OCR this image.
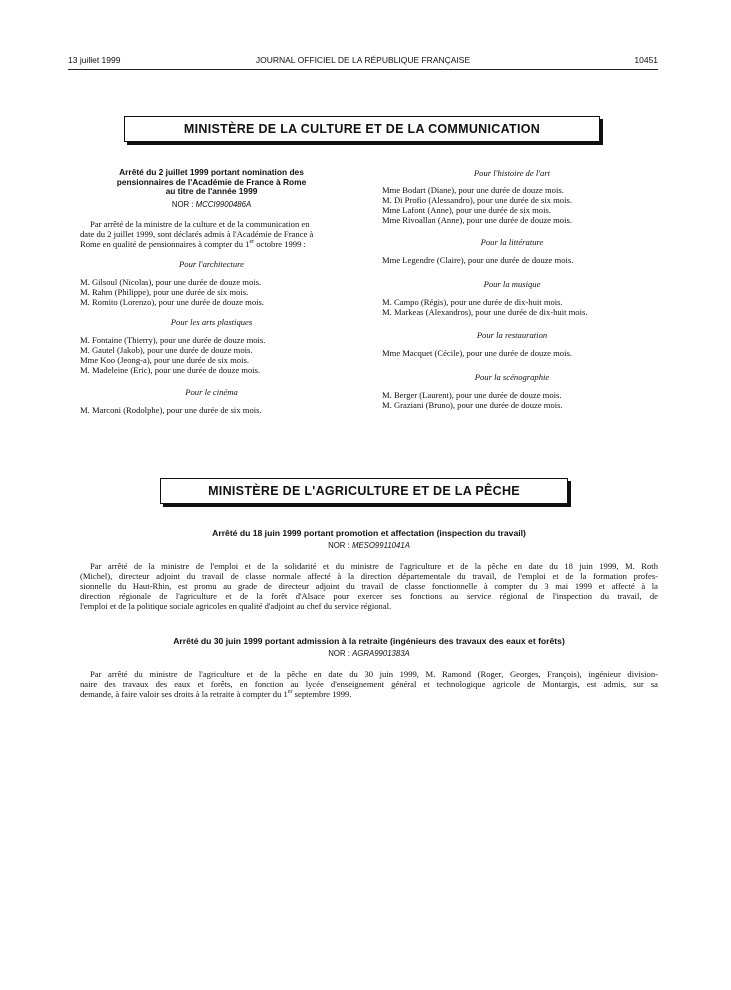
13 juillet 1999	JOURNAL OFFICIEL DE LA RÉPUBLIQUE FRANÇAISE	10451
MINISTÈRE DE LA CULTURE ET DE LA COMMUNICATION
Arrêté du 2 juillet 1999 portant nomination des
pensionnaires de l'Académie de France à Rome
au titre de l'année 1999
NOR : MCCI9900486A
Par arrêté de la ministre de la culture et de la communication en
date du 2 juillet 1999, sont déclarés admis à l'Académie de France à
Rome en qualité de pensionnaires à compter du 1er octobre 1999 :
Pour l'architecture
M. Gilsoul (Nicolas), pour une durée de douze mois.
M. Rahm (Philippe), pour une durée de six mois.
M. Romito (Lorenzo), pour une durée de douze mois.
Pour les arts plastiques
M. Fontaine (Thierry), pour une durée de douze mois.
M. Gautel (Jakob), pour une durée de douze mois.
Mme Koo (Jeong-a), pour une durée de six mois.
M. Madeleine (Eric), pour une durée de douze mois.
Pour le cinéma
M. Marconi (Rodolphe), pour une durée de six mois.
Pour l'histoire de l'art
Mme Bodart (Diane), pour une durée de douze mois.
M. Di Profio (Alessandro), pour une durée de six mois.
Mme Lafont (Anne), pour une durée de six mois.
Mme Rivoallan (Anne), pour une durée de douze mois.
Pour la littérature
Mme Legendre (Claire), pour une durée de douze mois.
Pour la musique
M. Campo (Régis), pour une durée de dix-huit mois.
M. Markeas (Alexandros), pour une durée de dix-huit mois.
Pour la restauration
Mme Macquet (Cécile), pour une durée de douze mois.
Pour la scénographie
M. Berger (Laurent), pour une durée de douze mois.
M. Graziani (Bruno), pour une durée de douze mois.
MINISTÈRE DE L'AGRICULTURE ET DE LA PÊCHE
Arrêté du 18 juin 1999 portant promotion et affectation (inspection du travail)
NOR : MESO9911041A
Par arrêté de la ministre de l'emploi et de la solidarité et du ministre de l'agriculture et de la pêche en date du 18 juin 1999, M. Roth
(Michel), directeur adjoint du travail de classe normale affecté à la direction départementale du travail, de l'emploi et de la formation profes-
sionnelle du Haut-Rhin, est promu au grade de directeur adjoint du travail de classe fonctionnelle à compter du 3 mai 1999 et affecté à la
direction régionale de l'agriculture et de la forêt d'Alsace pour exercer ses fonctions au service régional de l'inspection du travail, de
l'emploi et de la politique sociale agricoles en qualité d'adjoint au chef du service régional.
Arrêté du 30 juin 1999 portant admission à la retraite (ingénieurs des travaux des eaux et forêts)
NOR : AGRA9901383A
Par arrêté du ministre de l'agriculture et de la pêche en date du 30 juin 1999, M. Ramond (Roger, Georges, François), ingénieur division-
naire des travaux des eaux et forêts, en fonction au lycée d'enseignement général et technologique agricole de Montargis, est admis, sur sa
demande, à faire valoir ses droits à la retraite à compter du 1er septembre 1999.
